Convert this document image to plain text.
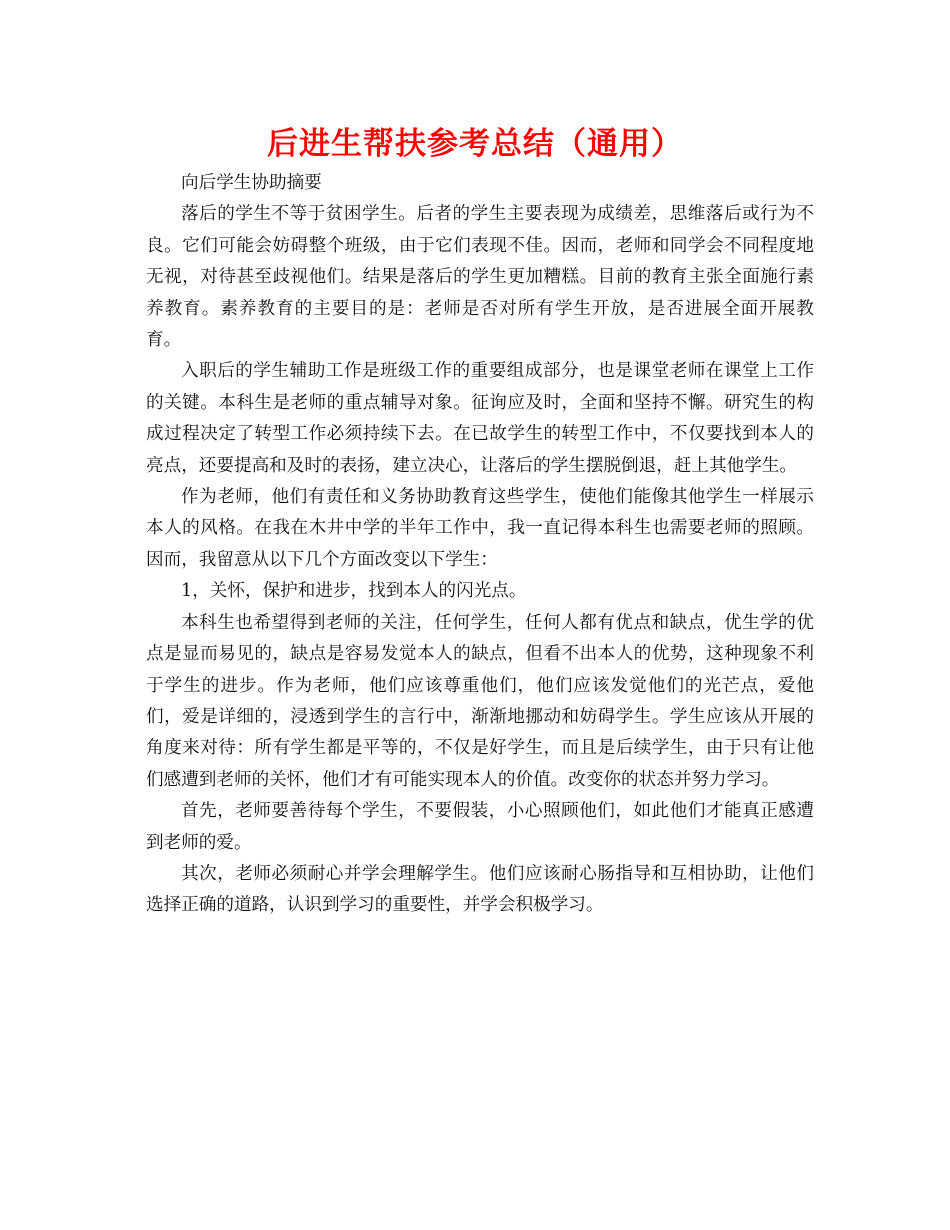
后进生帮扶参考总结（通用）

向后学生协助摘要

落后的学生不等于贫困学生。后者的学生主要表现为成绩差，思维落后或行为不良。它们可能会妨碍整个班级，由于它们表现不佳。因而，老师和同学会不同程度地无视，对待甚至歧视他们。结果是落后的学生更加糟糕。目前的教育主张全面施行素养教育。素养教育的主要目的是：老师是否对所有学生开放，是否进展全面开展教育。

入职后的学生辅助工作是班级工作的重要组成部分，也是课堂老师在课堂上工作的关键。本科生是老师的重点辅导对象。征询应及时，全面和坚持不懈。研究生的构成过程决定了转型工作必须持续下去。在已故学生的转型工作中，不仅要找到本人的亮点，还要提高和及时的表扬，建立决心，让落后的学生摆脱倒退，赶上其他学生。

作为老师，他们有责任和义务协助教育这些学生，使他们能像其他学生一样展示本人的风格。在我在木井中学的半年工作中，我一直记得本科生也需要老师的照顾。因而，我留意从以下几个方面改变以下学生：

1，关怀，保护和进步，找到本人的闪光点。

本科生也希望得到老师的关注，任何学生，任何人都有优点和缺点，优生学的优点是显而易见的，缺点是容易发觉本人的缺点，但看不出本人的优势，这种现象不利于学生的进步。作为老师，他们应该尊重他们，他们应该发觉他们的光芒点，爱他们，爱是详细的，浸透到学生的言行中，渐渐地挪动和妨碍学生。学生应该从开展的角度来对待：所有学生都是平等的，不仅是好学生，而且是后续学生，由于只有让他们感遭到老师的关怀，他们才有可能实现本人的价值。改变你的状态并努力学习。

首先，老师要善待每个学生，不要假装，小心照顾他们，如此他们才能真正感遭到老师的爱。

其次，老师必须耐心并学会理解学生。他们应该耐心肠指导和互相协助，让他们选择正确的道路，认识到学习的重要性，并学会积极学习。
